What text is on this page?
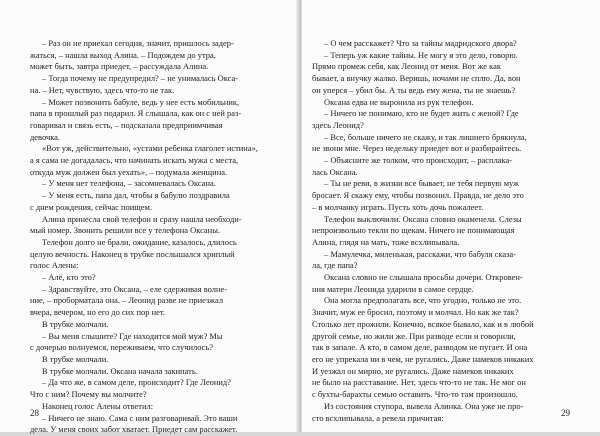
– Раз он не приехал сегодня, значит, пришлось задер-

жаться, – нашла выход Алина. – Подождем до утра,

может быть, завтра приедет, – рассуждала Алина.

– Тогда почему не предупредил? – не унималась Окса-

на. – Нет, чувствую, здесь что-то не так.

– Может позвонить бабуле, ведь у нее есть мобильник,

папа в прошлый раз подарил. Я слышала, как он с ней раз-

говаривал и связь есть, – подсказала предприимчивая

девочка.

«Вот уж, действительно, «устами ребенка глаголет истина»,

а я сама не догадалась, что начинать искать мужа с места,

откуда муж должен был уехать», – подумала женщина.

– У меня нет телефона, – засомневалась Оксана.

– У меня есть, папа дал, чтобы я бабулю поздравила

с днем рождения, сейчас поищем.

Алина принесла свой телефон и сразу нашла необходи-

мый номер. Звонить решили все у телефона Оксаны.

Телефон долго не брали, ожидание, казалось, длилось

целую вечность. Наконец в трубке послышался хриплый

голос Алены:

– Алё, кто это?

– Здравствуйте, это Оксана, – еле сдерживая волне-

ние, – проборматала она. – Леонид разве не приезжал

вчера, вечером, но его до сих пор нет.

В трубке молчали.

– Вы меня слышите? Где находится мой муж? Мы

с дочерью волнуемся, переживаем, что случилось?

В трубке молчали.

В трубке молчали. Оксана начала закипать.

– Да что же, в самом деле, происходит? Где Леонид?

Что с ним? Почему вы молчите?

Наконец голос Алены ответил:

– Ничего не знаю. Сама с ним разговаривай. Это ваши

дела. У меня своих забот хватает. Приедет сам расскажет.

28

– О чем расскажет? Что за тайны мадридского двора?

– Теперь уж какие тайны. Не могу я это дело, говорю.

Прямо промеж себя, как Леонид от меня. Вот же как

бывает, а внучку жалко. Веришь, ночами не сплю. Да, вон

он уперся – убил бы. А ты ведь ему жена, ты не знаешь?

Оксана едва не выронила из рук телефон.

– Ничего не понимаю, кто не будет жить с женой? Где

здесь Леонид?

– Все, больше ничего не скажу, и так лишнего брякнула,

не звони мне. Через недельку приедет вот и разбирайтесь.

– Объясните же толком, что происходит, – расплака-

лась Оксана.

– Ты не реви, в жизни все бывает, не тебя первую муж

бросает. Я скажу ему, чтобы позвонил. Правда, не дело это

– в молчанку играть. Пусть хоть дочь пожалеет.

Телефон выключили. Оксана словно окаменела. Слезы

непроизвольно текли по щекам. Ничего не понимающая

Алина, глядя на мать, тоже всхлипывала.

– Мамулечка, миленькая, расскажи, что бабуля сказа-

ла, где папа?

Оксана словно не слышала просьбы дочери. Откровен-

ния матери Леонида ударили в самое сердце.

Она могла предполагать все, что угодно, только не это.

Значит, муж ее бросил, поэтому и молчал. Но как же так?

Столько лет прожили. Конечно, всякое бывало, как и в любой

другой семье, но жили же. При разводе если и говорили,

так в запале. А кто, в самом деле, разводом не пугает. И она

его не упрекала ни в чем, не ругались. Даже намеков никаких

И уезжал он мирно, не ругались. Даже намеков никаких

не было на расставание. Нет, здесь что-то не так. Не мог он

с бухты-барахты семью оставить. Что-то там произошло.

Из состояния ступора, вывела Алинка. Она уже не про-

сто всхлипывала, а ревела причитая:	29
